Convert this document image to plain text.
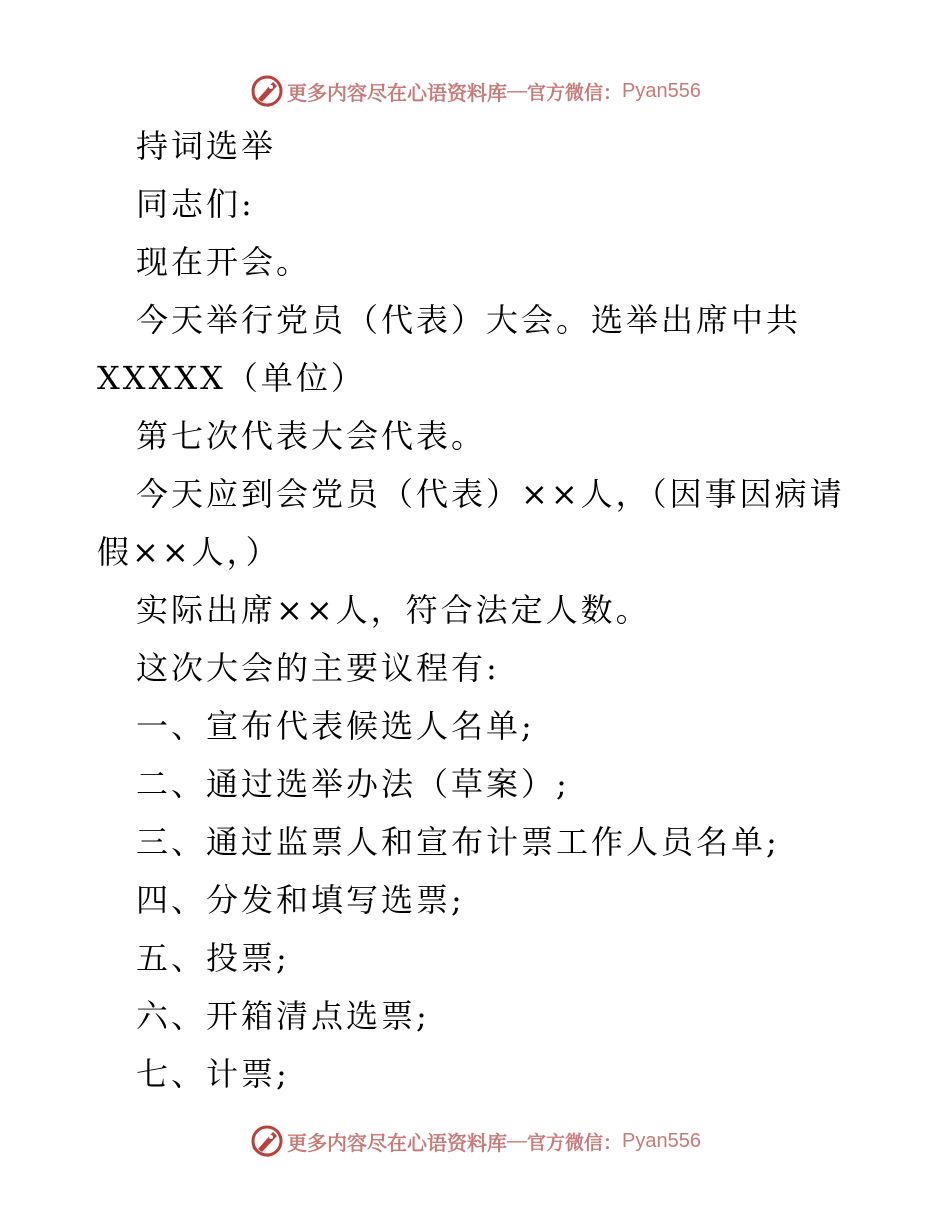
更多内容尽在心语资料库 — 官方微信： Pyan556
持词选举
同志们:
现在开会。
今天举行党员（代表）大会。选举出席中共
XXXXX（单位）
第七次代表大会代表。
今天应到会党员（代表）××人，（因事因病请
假××人，）
实际出席××人，符合法定人数。
这次大会的主要议程有:
一、宣布代表候选人名单;
二、通过选举办法（草案）;
三、通过监票人和宣布计票工作人员名单;
四、分发和填写选票;
五、投票;
六、开箱清点选票;
七、计票;
更多内容尽在心语资料库 — 官方微信： Pyan556
